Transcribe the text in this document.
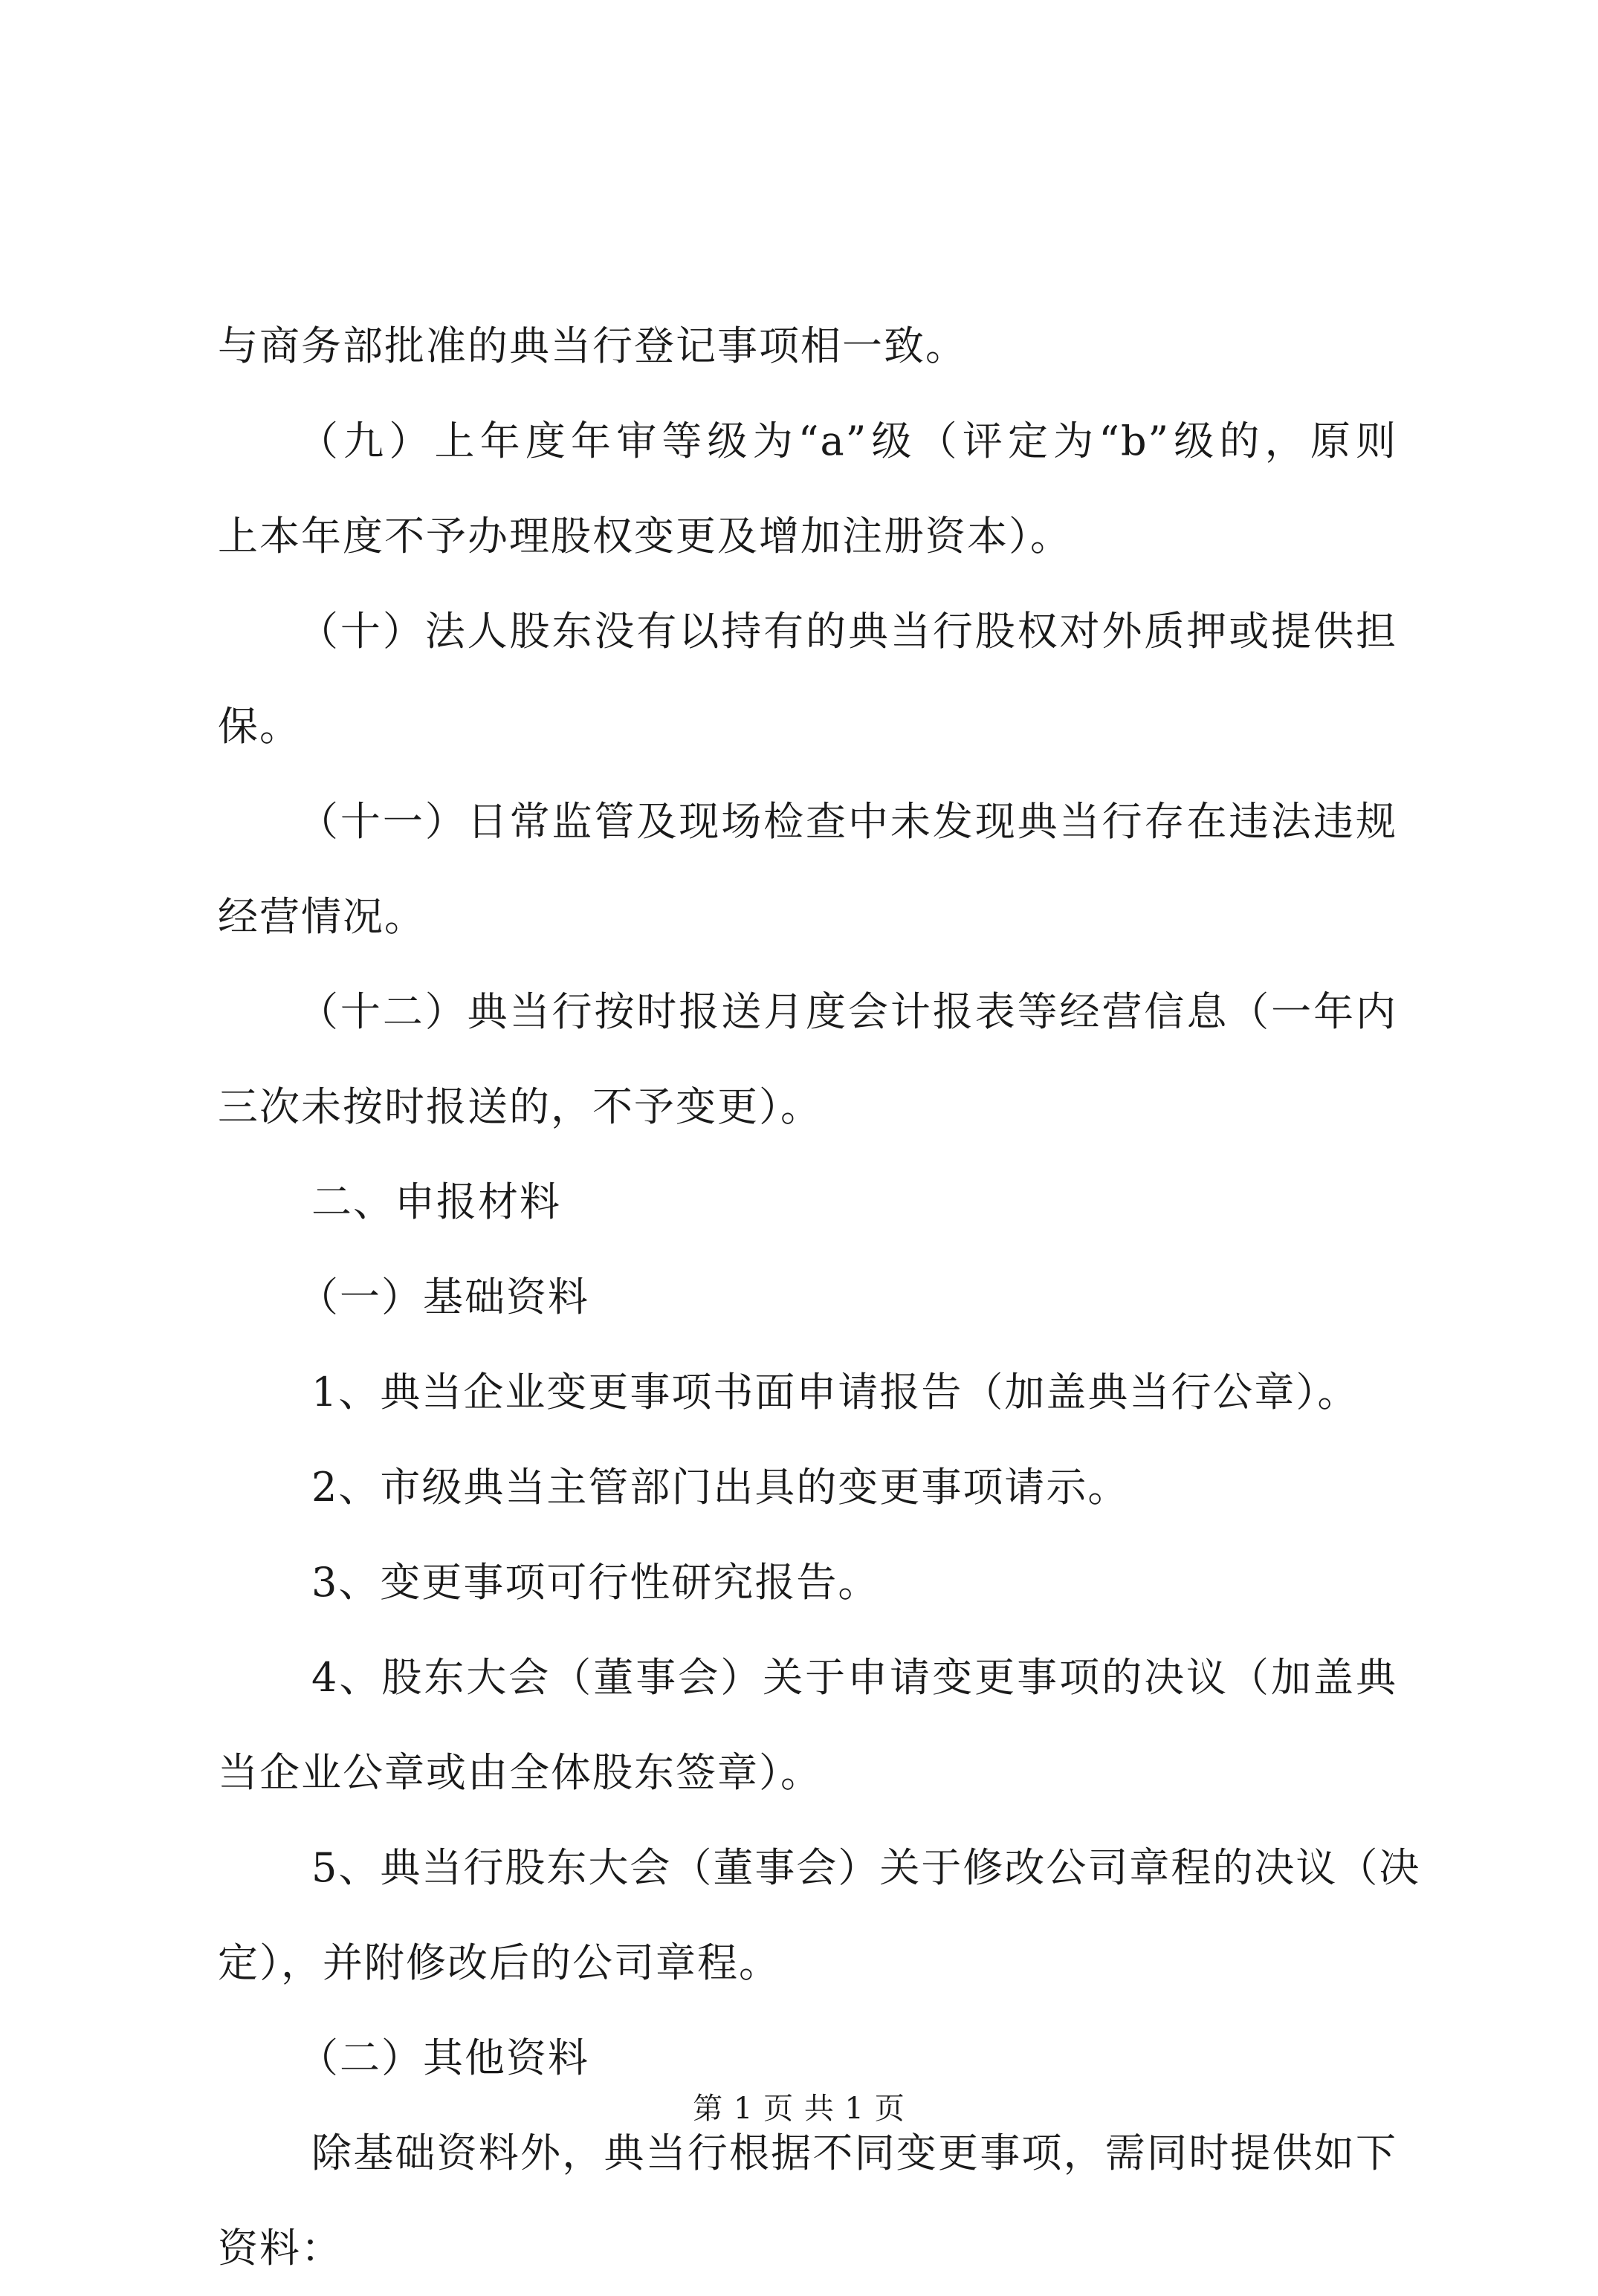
与商务部批准的典当行登记事项相一致。
（九）上年度年审等级为“a”级（评定为“b”级的，原则
上本年度不予办理股权变更及增加注册资本）。
（十）法人股东没有以持有的典当行股权对外质押或提供担
保。
（十一）日常监管及现场检查中未发现典当行存在违法违规
经营情况。
（十二）典当行按时报送月度会计报表等经营信息（一年内
三次未按时报送的，不予变更）。
二、申报材料
（一）基础资料
1、典当企业变更事项书面申请报告（加盖典当行公章）。
2、市级典当主管部门出具的变更事项请示。
3、变更事项可行性研究报告。
4、股东大会（董事会）关于申请变更事项的决议（加盖典
当企业公章或由全体股东签章）。
5、典当行股东大会（董事会）关于修改公司章程的决议（决
定），并附修改后的公司章程。
（二）其他资料
除基础资料外，典当行根据不同变更事项，需同时提供如下
资料：
第 1 页 共 1 页
